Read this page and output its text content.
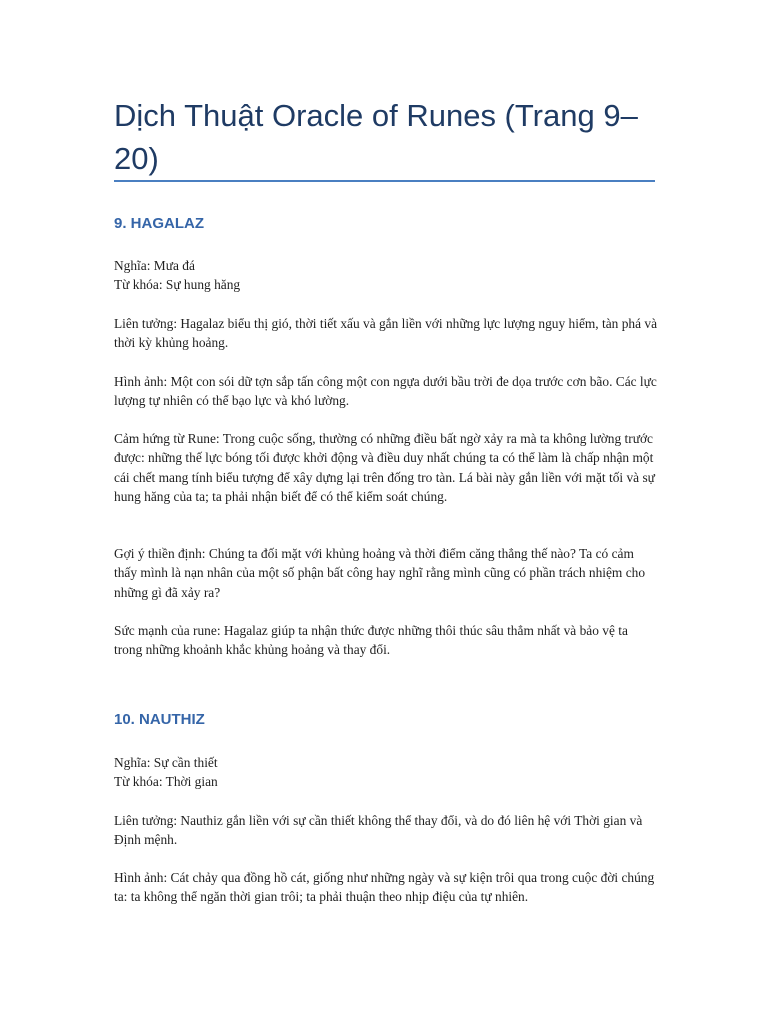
Dịch Thuật Oracle of Runes (Trang 9–20)
9. HAGALAZ

Nghĩa: Mưa đá

Từ khóa: Sự hung hăng

Liên tưởng: Hagalaz biểu thị gió, thời tiết xấu và gắn liền với những lực lượng nguy hiểm, tàn phá và thời kỳ khủng hoảng.

Hình ảnh: Một con sói dữ tợn sắp tấn công một con ngựa dưới bầu trời đe dọa trước cơn bão. Các lực lượng tự nhiên có thể bạo lực và khó lường.

Cảm hứng từ Rune: Trong cuộc sống, thường có những điều bất ngờ xảy ra mà ta không lường trước được: những thế lực bóng tối được khởi động và điều duy nhất chúng ta có thể làm là chấp nhận một cái chết mang tính biểu tượng để xây dựng lại trên đống tro tàn. Lá bài này gắn liền với mặt tối và sự hung hăng của ta; ta phải nhận biết để có thể kiểm soát chúng.

Gợi ý thiền định: Chúng ta đối mặt với khủng hoảng và thời điểm căng thẳng thế nào? Ta có cảm thấy mình là nạn nhân của một số phận bất công hay nghĩ rằng mình cũng có phần trách nhiệm cho những gì đã xảy ra?

Sức mạnh của rune: Hagalaz giúp ta nhận thức được những thôi thúc sâu thẳm nhất và bảo vệ ta trong những khoảnh khắc khủng hoảng và thay đổi.

10. NAUTHIZ

Nghĩa: Sự cần thiết

Từ khóa: Thời gian

Liên tưởng: Nauthiz gắn liền với sự cần thiết không thể thay đổi, và do đó liên hệ với Thời gian và Định mệnh.

Hình ảnh: Cát chảy qua đồng hồ cát, giống như những ngày và sự kiện trôi qua trong cuộc đời chúng ta: ta không thể ngăn thời gian trôi; ta phải thuận theo nhịp điệu của tự nhiên.
